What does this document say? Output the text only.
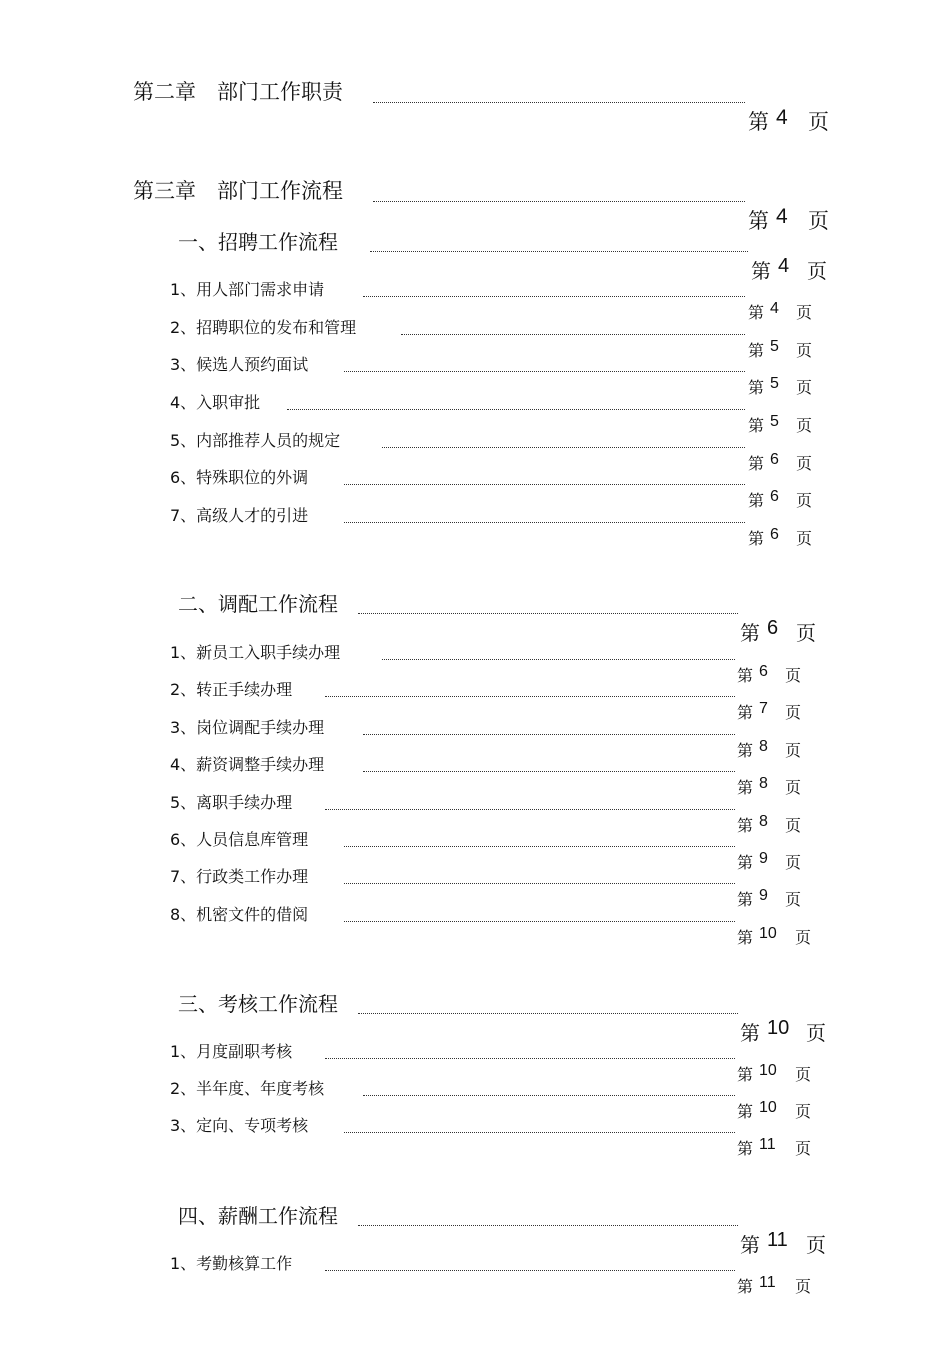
第二章　部门工作职责
第 4 页
第三章　部门工作流程
第 4 页
一、招聘工作流程
第 4 页
1、用人部门需求申请
第 4 页
2、招聘职位的发布和管理
第 5 页
3、候选人预约面试
第 5 页
4、入职审批
第 5 页
5、内部推荐人员的规定
第 6 页
6、特殊职位的外调
第 6 页
7、高级人才的引进
第 6 页
二、调配工作流程
第 6 页
1、新员工入职手续办理
第 6 页
2、转正手续办理
第 7 页
3、岗位调配手续办理
第 8 页
4、薪资调整手续办理
第 8 页
5、离职手续办理
第 8 页
6、人员信息库管理
第 9 页
7、行政类工作办理
第 9 页
8、机密文件的借阅
第 10 页
三、考核工作流程
第 10 页
1、月度副职考核
第 10 页
2、半年度、年度考核
第 10 页
3、定向、专项考核
第 11 页
四、薪酬工作流程
第 11 页
1、考勤核算工作
第 11 页
